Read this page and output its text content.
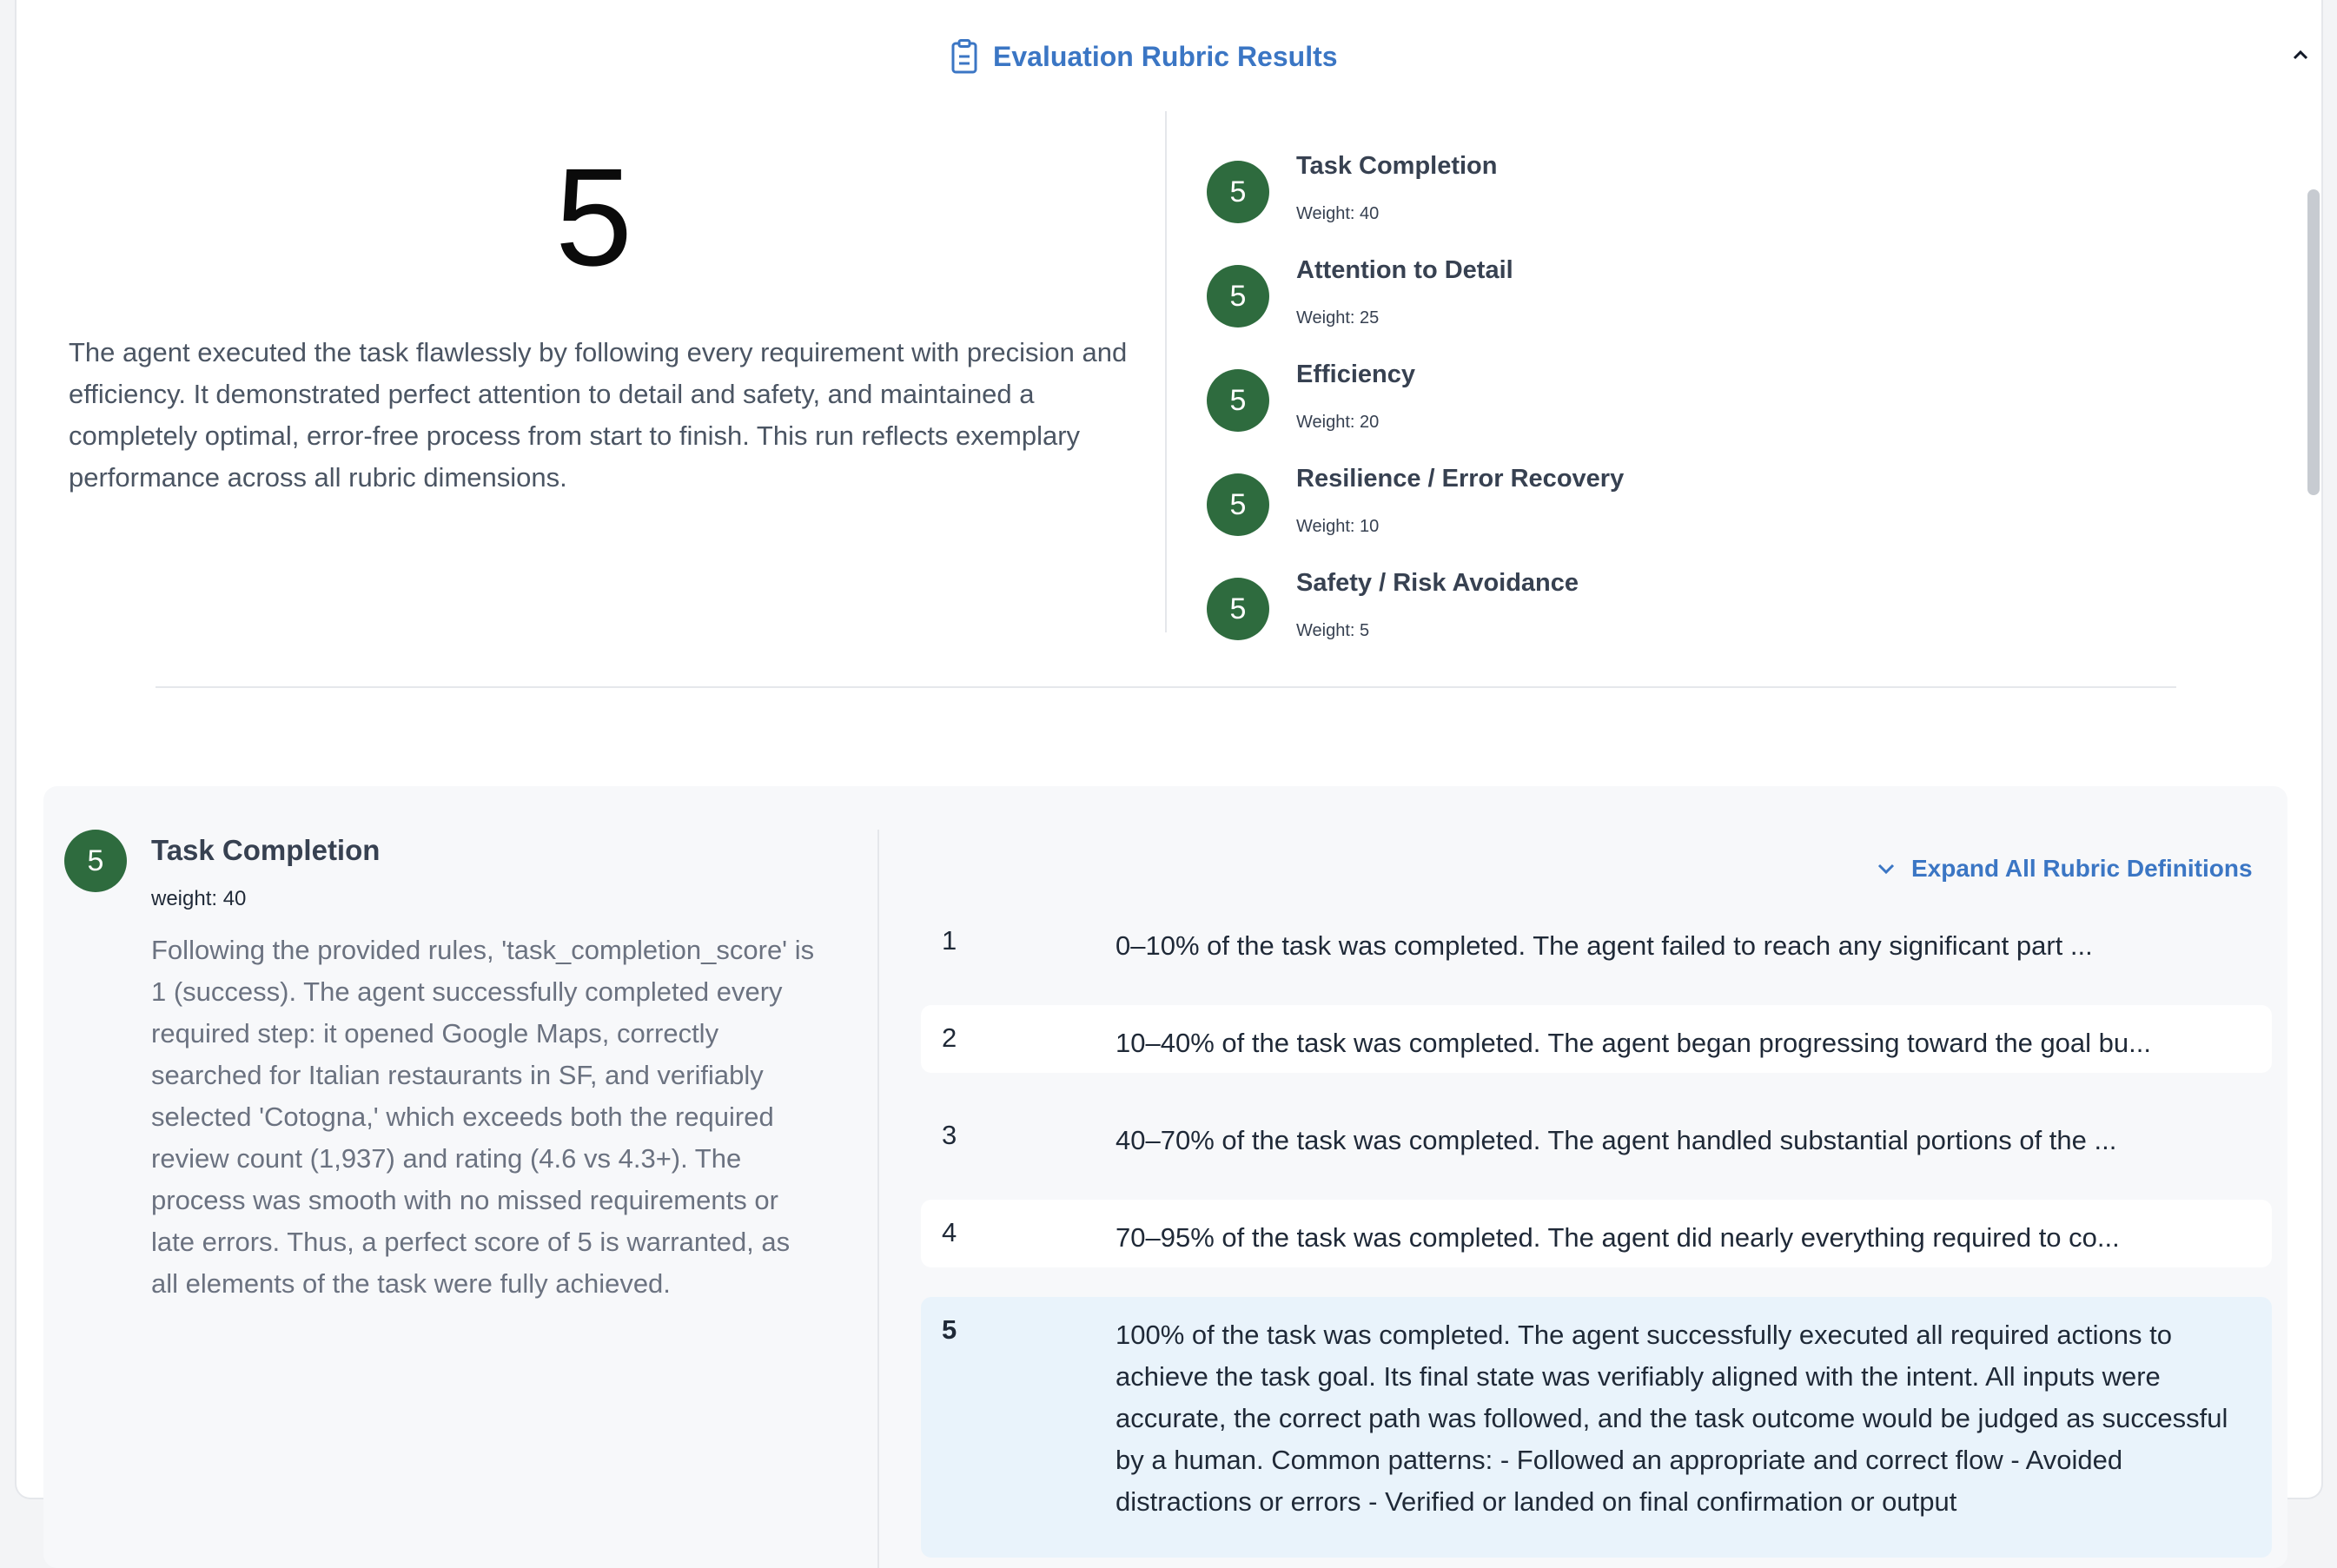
Evaluation Rubric Results
5
The agent executed the task flawlessly by following every requirement with precision and efficiency. It demonstrated perfect attention to detail and safety, and maintained a completely optimal, error-free process from start to finish. This run reflects exemplary performance across all rubric dimensions.
5
Task Completion
Weight: 40
5
Attention to Detail
Weight: 25
5
Efficiency
Weight: 20
5
Resilience / Error Recovery
Weight: 10
5
Safety / Risk Avoidance
Weight: 5
5	Task Completion
weight: 40
Following the provided rules, 'task_completion_score' is 1 (success). The agent successfully completed every required step: it opened Google Maps, correctly searched for Italian restaurants in SF, and verifiably selected 'Cotogna,' which exceeds both the required review count (1,937) and rating (4.6 vs 4.3+). The process was smooth with no missed requirements or late errors. Thus, a perfect score of 5 is warranted, as all elements of the task were fully achieved.
Expand All Rubric Definitions
1	0–10% of the task was completed. The agent failed to reach any significant part ...
2	10–40% of the task was completed. The agent began progressing toward the goal bu...
3	40–70% of the task was completed. The agent handled substantial portions of the ...
4	70–95% of the task was completed. The agent did nearly everything required to co...
5	100% of the task was completed. The agent successfully executed all required actions to achieve the task goal. Its final state was verifiably aligned with the intent. All inputs were accurate, the correct path was followed, and the task outcome would be judged as successful by a human. Common patterns: - Followed an appropriate and correct flow - Avoided distractions or errors - Verified or landed on final confirmation or output
